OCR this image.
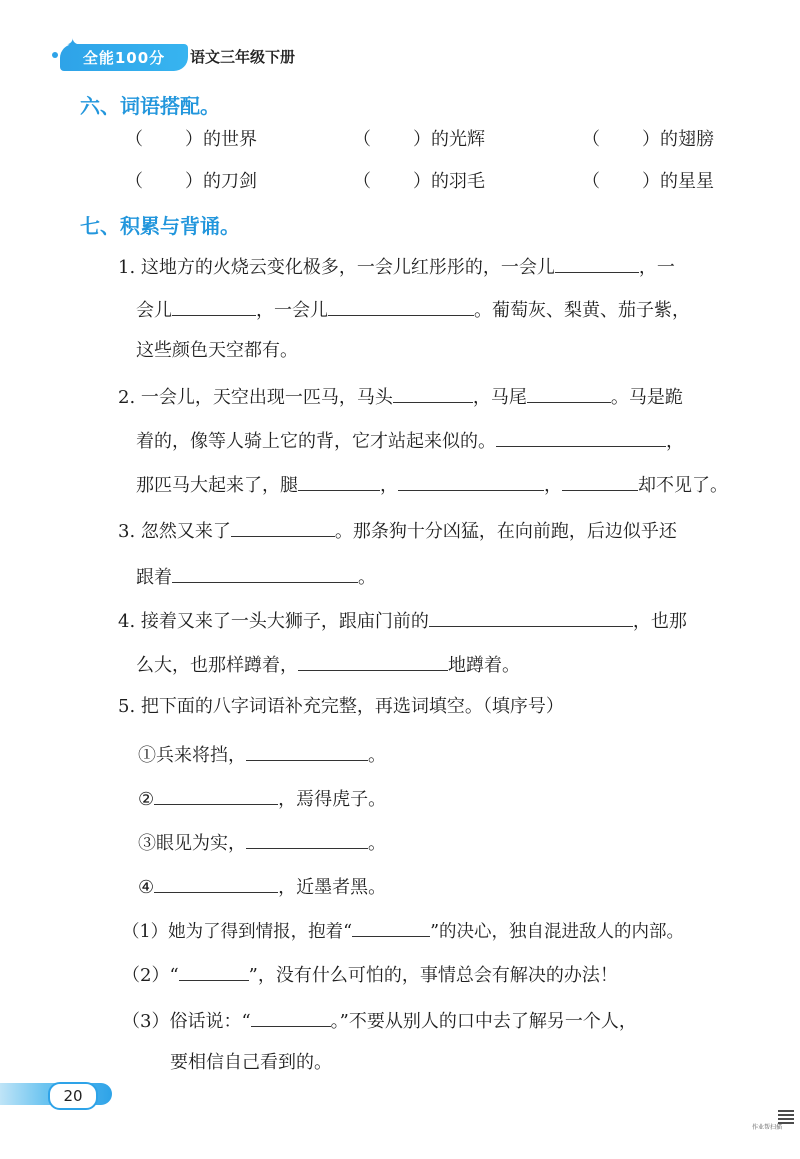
全能100分 语文三年级下册
六、词语搭配。
（ ）的世界	（ ）的光辉	（ ）的翅膀
（ ）的刀剑	（ ）的羽毛	（ ）的星星
七、积累与背诵。
1. 这地方的火烧云变化极多，一会儿红彤彤的，一会儿	，一
会儿	，一会儿	。葡萄灰、梨黄、茄子紫，
这些颜色天空都有。
2. 一会儿，天空出现一匹马，马头	，马尾	。马是跪
着的，像等人骑上它的背，它才站起来似的。	，
那匹马大起来了，腿	，	，	却不见了。
3. 忽然又来了	。那条狗十分凶猛，在向前跑，后边似乎还
跟着	。
4. 接着又来了一头大狮子，跟庙门前的	，也那
么大，也那样蹲着，	地蹲着。
5. 把下面的八字词语补充完整，再选词填空。（填序号）
①兵来将挡，	。
②	，焉得虎子。
③眼见为实，	。
④	，近墨者黑。
（1）她为了得到情报，抱着“	”的决心，独自混进敌人的内部。
（2）“	”，没有什么可怕的，事情总会有解决的办法！
（3）俗话说：“	。”不要从别人的口中去了解另一个人，
要相信自己看到的。
20
作业帮扫描
